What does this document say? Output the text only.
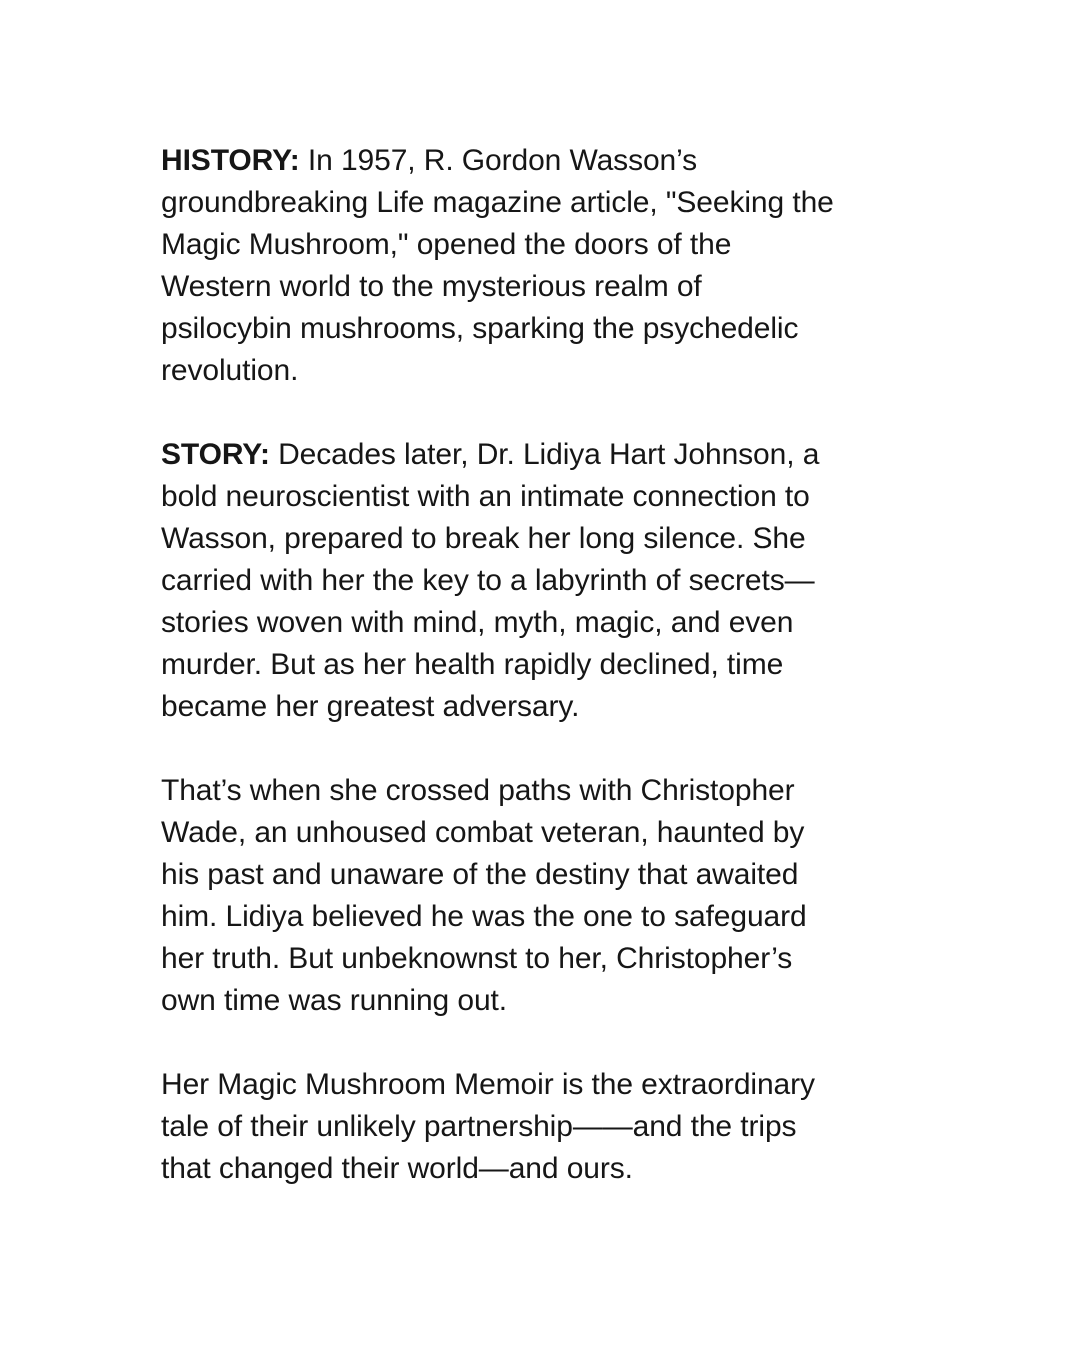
HISTORY: In 1957, R. Gordon Wasson’s
groundbreaking Life magazine article, "Seeking the
Magic Mushroom," opened the doors of the
Western world to the mysterious realm of
psilocybin mushrooms, sparking the psychedelic
revolution.

STORY: Decades later, Dr. Lidiya Hart Johnson, a
bold neuroscientist with an intimate connection to
Wasson, prepared to break her long silence. She
carried with her the key to a labyrinth of secrets—
stories woven with mind, myth, magic, and even
murder. But as her health rapidly declined, time
became her greatest adversary.

That’s when she crossed paths with Christopher
Wade, an unhoused combat veteran, haunted by
his past and unaware of the destiny that awaited
him. Lidiya believed he was the one to safeguard
her truth. But unbeknownst to her, Christopher’s
own time was running out.

Her Magic Mushroom Memoir is the extraordinary
tale of their unlikely partnership——and the trips
that changed their world—and ours.
